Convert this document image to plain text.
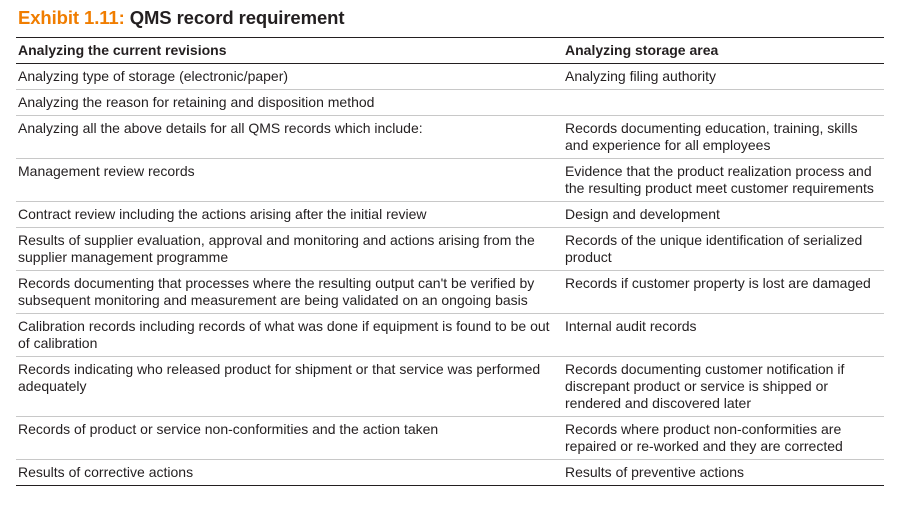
Exhibit 1.11: QMS record requirement
Analyzing the current revisions	Analyzing storage area
Analyzing type of storage (electronic/paper)	Analyzing filing authority
Analyzing the reason for retaining and disposition method	
Analyzing all the above details for all QMS records which include:	Records documenting education, training, skills and experience for all employees
Management review records	Evidence that the product realization process and the resulting product meet customer requirements
Contract review including the actions arising after the initial review	Design and development
Results of supplier evaluation, approval and monitoring and actions arising from the supplier management programme	Records of the unique identification of serialized product
Records documenting that processes where the resulting output can't be verified by subsequent monitoring and measurement are being validated on an ongoing basis	Records if customer property is lost are damaged
Calibration records including records of what was done if equipment is found to be out of calibration	Internal audit records
Records indicating who released product for shipment or that service was performed adequately	Records documenting customer notification if discrepant product or service is shipped or rendered and discovered later
Records of product or service non-conformities and the action taken	Records where product non-conformities are repaired or re-worked and they are corrected
Results of corrective actions	Results of preventive actions
